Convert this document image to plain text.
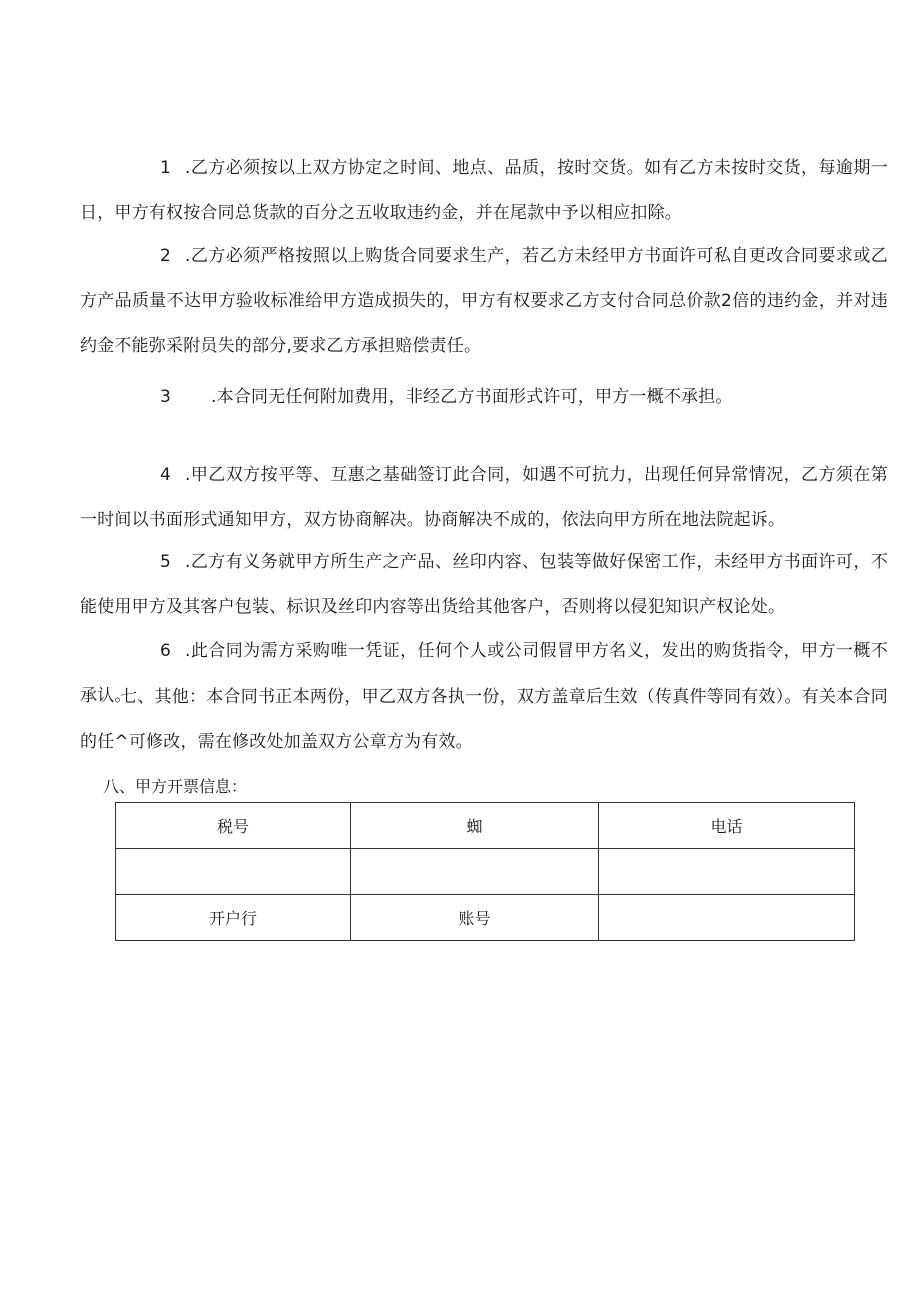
1 .乙方必须按以上双方协定之时间、地点、品质，按时交货。如有乙方未按时交货，每逾期一日，甲方有权按合同总货款的百分之五收取违约金，并在尾款中予以相应扣除。

2 .乙方必须严格按照以上购货合同要求生产，若乙方未经甲方书面许可私自更改合同要求或乙方产品质量不达甲方验收标准给甲方造成损失的，甲方有权要求乙方支付合同总价款2倍的违约金，并对违约金不能弥采附员失的部分,要求乙方承担赔偿责任。

3 .本合同无任何附加费用，非经乙方书面形式许可，甲方一概不承担。

4 .甲乙双方按平等、互惠之基础签订此合同，如遇不可抗力，出现任何异常情况，乙方须在第一时间以书面形式通知甲方，双方协商解决。协商解决不成的，依法向甲方所在地法院起诉。

5 .乙方有义务就甲方所生产之产品、丝印内容、包装等做好保密工作，未经甲方书面许可，不能使用甲方及其客户包装、标识及丝印内容等出货给其他客户，否则将以侵犯知识产权论处。

6 .此合同为需方采购唯一凭证，任何个人或公司假冒甲方名义，发出的购货指令，甲方一概不承认。

七、其他：本合同书正本两份，甲乙双方各执一份，双方盖章后生效（传真件等同有效）。有关本合同的任^可修改，需在修改处加盖双方公章方为有效。

八、甲方开票信息：

税号	蜘	电话

开户行	账号	
